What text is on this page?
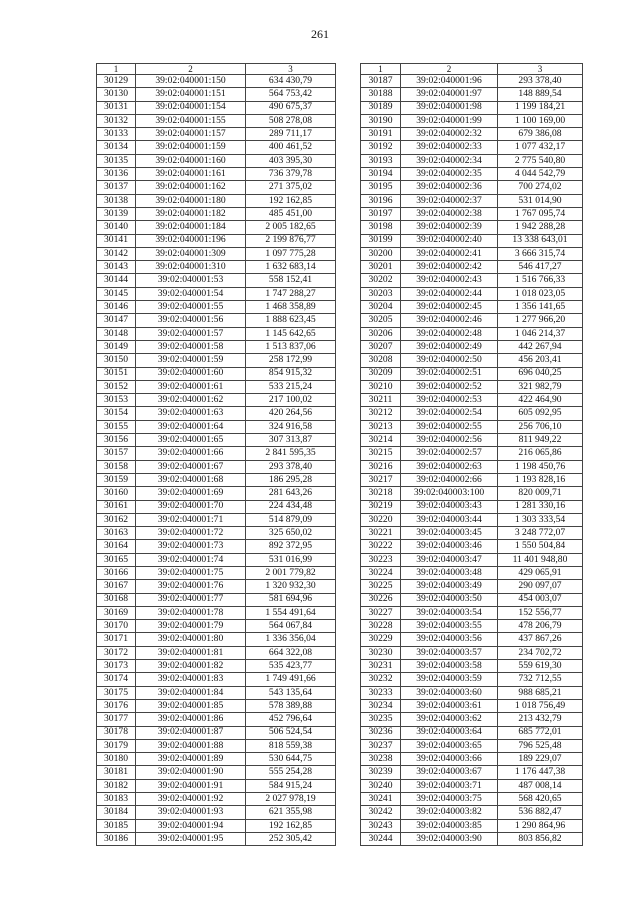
261
1	2	3
30129	39:02:040001:150	634 430,79
30130	39:02:040001:151	564 753,42
30131	39:02:040001:154	490 675,37
30132	39:02:040001:155	508 278,08
30133	39:02:040001:157	289 711,17
30134	39:02:040001:159	400 461,52
30135	39:02:040001:160	403 395,30
30136	39:02:040001:161	736 379,78
30137	39:02:040001:162	271 375,02
30138	39:02:040001:180	192 162,85
30139	39:02:040001:182	485 451,00
30140	39:02:040001:184	2 005 182,65
30141	39:02:040001:196	2 199 876,77
30142	39:02:040001:309	1 097 775,28
30143	39:02:040001:310	1 632 683,14
30144	39:02:040001:53	558 152,41
30145	39:02:040001:54	1 747 288,27
30146	39:02:040001:55	1 468 358,89
30147	39:02:040001:56	1 888 623,45
30148	39:02:040001:57	1 145 642,65
30149	39:02:040001:58	1 513 837,06
30150	39:02:040001:59	258 172,99
30151	39:02:040001:60	854 915,32
30152	39:02:040001:61	533 215,24
30153	39:02:040001:62	217 100,02
30154	39:02:040001:63	420 264,56
30155	39:02:040001:64	324 916,58
30156	39:02:040001:65	307 313,87
30157	39:02:040001:66	2 841 595,35
30158	39:02:040001:67	293 378,40
30159	39:02:040001:68	186 295,28
30160	39:02:040001:69	281 643,26
30161	39:02:040001:70	224 434,48
30162	39:02:040001:71	514 879,09
30163	39:02:040001:72	325 650,02
30164	39:02:040001:73	892 372,95
30165	39:02:040001:74	531 016,99
30166	39:02:040001:75	2 001 779,82
30167	39:02:040001:76	1 320 932,30
30168	39:02:040001:77	581 694,96
30169	39:02:040001:78	1 554 491,64
30170	39:02:040001:79	564 067,84
30171	39:02:040001:80	1 336 356,04
30172	39:02:040001:81	664 322,08
30173	39:02:040001:82	535 423,77
30174	39:02:040001:83	1 749 491,66
30175	39:02:040001:84	543 135,64
30176	39:02:040001:85	578 389,88
30177	39:02:040001:86	452 796,64
30178	39:02:040001:87	506 524,54
30179	39:02:040001:88	818 559,38
30180	39:02:040001:89	530 644,75
30181	39:02:040001:90	555 254,28
30182	39:02:040001:91	584 915,24
30183	39:02:040001:92	2 027 978,19
30184	39:02:040001:93	621 355,98
30185	39:02:040001:94	192 162,85
30186	39:02:040001:95	252 305,42
1	2	3
30187	39:02:040001:96	293 378,40
30188	39:02:040001:97	148 889,54
30189	39:02:040001:98	1 199 184,21
30190	39:02:040001:99	1 100 169,00
30191	39:02:040002:32	679 386,08
30192	39:02:040002:33	1 077 432,17
30193	39:02:040002:34	2 775 540,80
30194	39:02:040002:35	4 044 542,79
30195	39:02:040002:36	700 274,02
30196	39:02:040002:37	531 014,90
30197	39:02:040002:38	1 767 095,74
30198	39:02:040002:39	1 942 288,28
30199	39:02:040002:40	13 338 643,01
30200	39:02:040002:41	3 666 315,74
30201	39:02:040002:42	546 417,27
30202	39:02:040002:43	1 516 766,33
30203	39:02:040002:44	1 018 023,05
30204	39:02:040002:45	1 356 141,65
30205	39:02:040002:46	1 277 966,20
30206	39:02:040002:48	1 046 214,37
30207	39:02:040002:49	442 267,94
30208	39:02:040002:50	456 203,41
30209	39:02:040002:51	696 040,25
30210	39:02:040002:52	321 982,79
30211	39:02:040002:53	422 464,90
30212	39:02:040002:54	605 092,95
30213	39:02:040002:55	256 706,10
30214	39:02:040002:56	811 949,22
30215	39:02:040002:57	216 065,86
30216	39:02:040002:63	1 198 450,76
30217	39:02:040002:66	1 193 828,16
30218	39:02:040003:100	820 009,71
30219	39:02:040003:43	1 281 330,16
30220	39:02:040003:44	1 303 333,54
30221	39:02:040003:45	3 248 772,07
30222	39:02:040003:46	1 550 504,84
30223	39:02:040003:47	11 401 948,80
30224	39:02:040003:48	429 065,91
30225	39:02:040003:49	290 097,07
30226	39:02:040003:50	454 003,07
30227	39:02:040003:54	152 556,77
30228	39:02:040003:55	478 206,79
30229	39:02:040003:56	437 867,26
30230	39:02:040003:57	234 702,72
30231	39:02:040003:58	559 619,30
30232	39:02:040003:59	732 712,55
30233	39:02:040003:60	988 685,21
30234	39:02:040003:61	1 018 756,49
30235	39:02:040003:62	213 432,79
30236	39:02:040003:64	685 772,01
30237	39:02:040003:65	796 525,48
30238	39:02:040003:66	189 229,07
30239	39:02:040003:67	1 176 447,38
30240	39:02:040003:71	487 008,14
30241	39:02:040003:75	568 420,65
30242	39:02:040003:82	536 882,47
30243	39:02:040003:85	1 290 864,96
30244	39:02:040003:90	803 856,82
